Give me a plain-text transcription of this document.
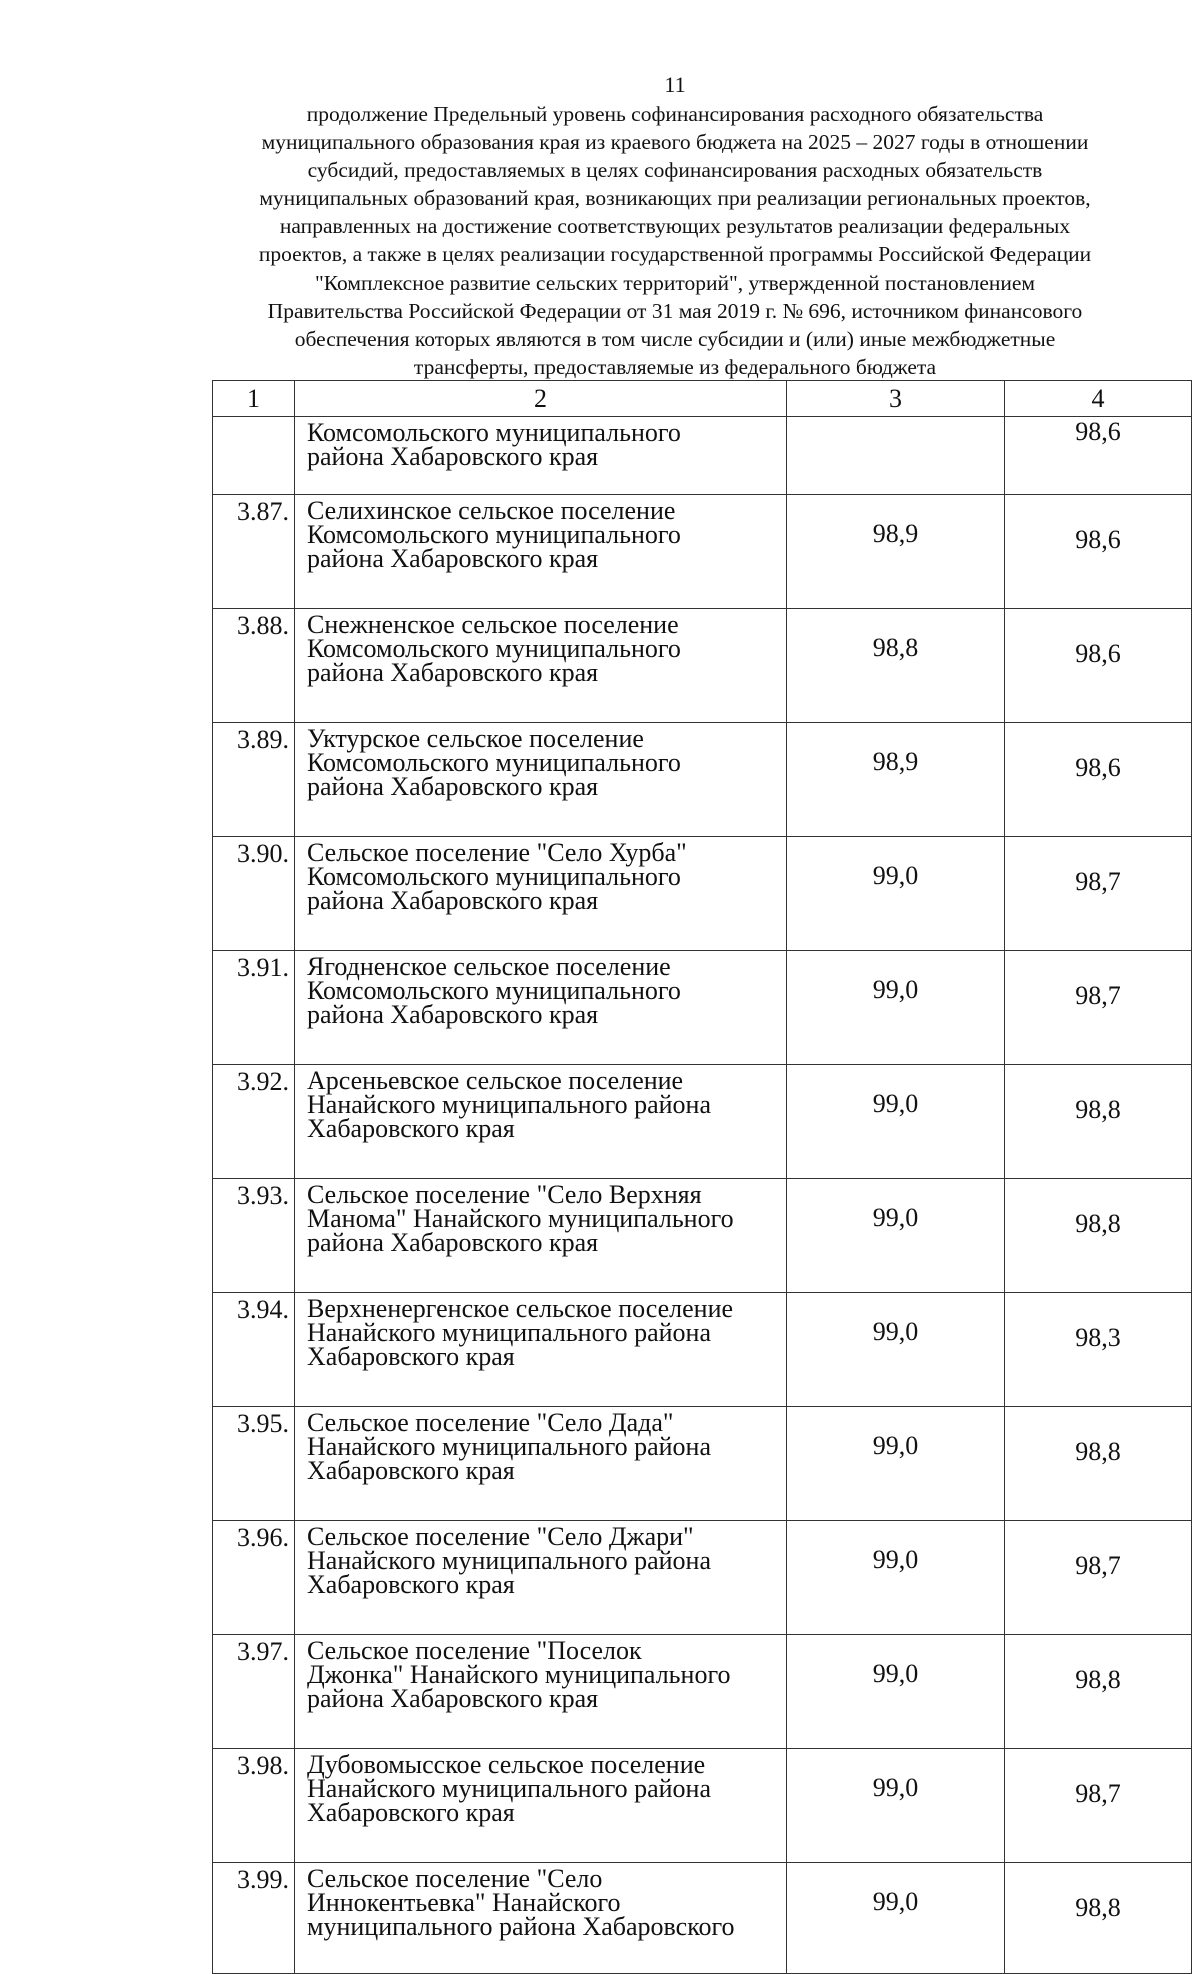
11
продолжение Предельный уровень софинансирования расходного обязательства
муниципального образования края из краевого бюджета на 2025 – 2027 годы в отношении
субсидий, предоставляемых в целях софинансирования расходных обязательств
муниципальных образований края, возникающих при реализации региональных проектов,
направленных на достижение соответствующих результатов реализации федеральных
проектов, а также в целях реализации государственной программы Российской Федерации
"Комплексное развитие сельских территорий", утвержденной постановлением
Правительства Российской Федерации от 31 мая 2019 г. № 696, источником финансового
обеспечения которых являются в том числе субсидии и (или) иные межбюджетные
трансферты, предоставляемые из федерального бюджета
1	2	3	4

	Комсомольского муниципального
района Хабаровского края		98,6
3.87.	Селихинское сельское поселение
Комсомольского муниципального
района Хабаровского края	98,9	98,6
3.88.	Снежненское сельское поселение
Комсомольского муниципального
района Хабаровского края	98,8	98,6
3.89.	Уктурское сельское поселение
Комсомольского муниципального
района Хабаровского края	98,9	98,6
3.90.	Сельское поселение "Село Хурба"
Комсомольского муниципального
района Хабаровского края	99,0	98,7
3.91.	Ягодненское сельское поселение
Комсомольского муниципального
района Хабаровского края	99,0	98,7
3.92.	Арсеньевское сельское поселение
Нанайского муниципального района
Хабаровского края	99,0	98,8
3.93.	Сельское поселение "Село Верхняя
Манома" Нанайского муниципального
района Хабаровского края	99,0	98,8
3.94.	Верхненергенское сельское поселение
Нанайского муниципального района
Хабаровского края	99,0	98,3
3.95.	Сельское поселение "Село Дада"
Нанайского муниципального района
Хабаровского края	99,0	98,8
3.96.	Сельское поселение "Село Джари"
Нанайского муниципального района
Хабаровского края	99,0	98,7
3.97.	Сельское поселение "Поселок
Джонка" Нанайского муниципального
района Хабаровского края	99,0	98,8
3.98.	Дубовомысское сельское поселение
Нанайского муниципального района
Хабаровского края	99,0	98,7
3.99.	Сельское поселение "Село
Иннокентьевка" Нанайского
муниципального района Хабаровского	99,0	98,8
